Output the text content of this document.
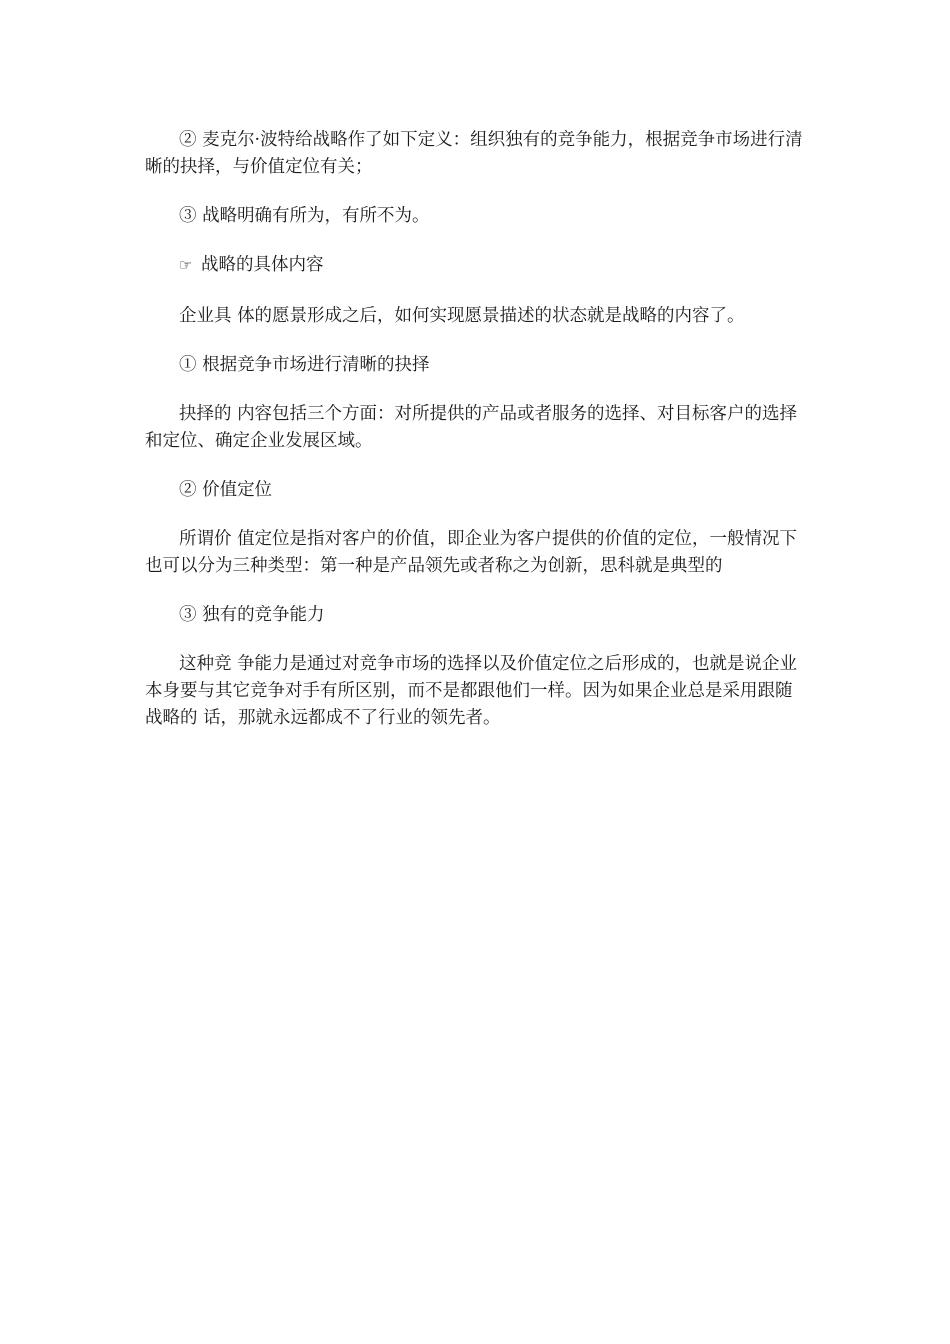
② 麦克尔·波特给战略作了如下定义：组织独有的竞争能力，根据竞争市场进行清晰的抉择，与价值定位有关；

③ 战略明确有所为，有所不为。

☞ 战略的具体内容

企业具 体的愿景形成之后，如何实现愿景描述的状态就是战略的内容了。

① 根据竞争市场进行清晰的抉择

抉择的 内容包括三个方面：对所提供的产品或者服务的选择、对目标客户的选择和定位、确定企业发展区域。

② 价值定位

所谓价 值定位是指对客户的价值，即企业为客户提供的价值的定位，一般情况下也可以分为三种类型：第一种是产品领先或者称之为创新，思科就是典型的

③ 独有的竞争能力

这种竞 争能力是通过对竞争市场的选择以及价值定位之后形成的，也就是说企业本身要与其它竞争对手有所区别，而不是都跟他们一样。因为如果企业总是采用跟随战略的 话，那就永远都成不了行业的领先者。
